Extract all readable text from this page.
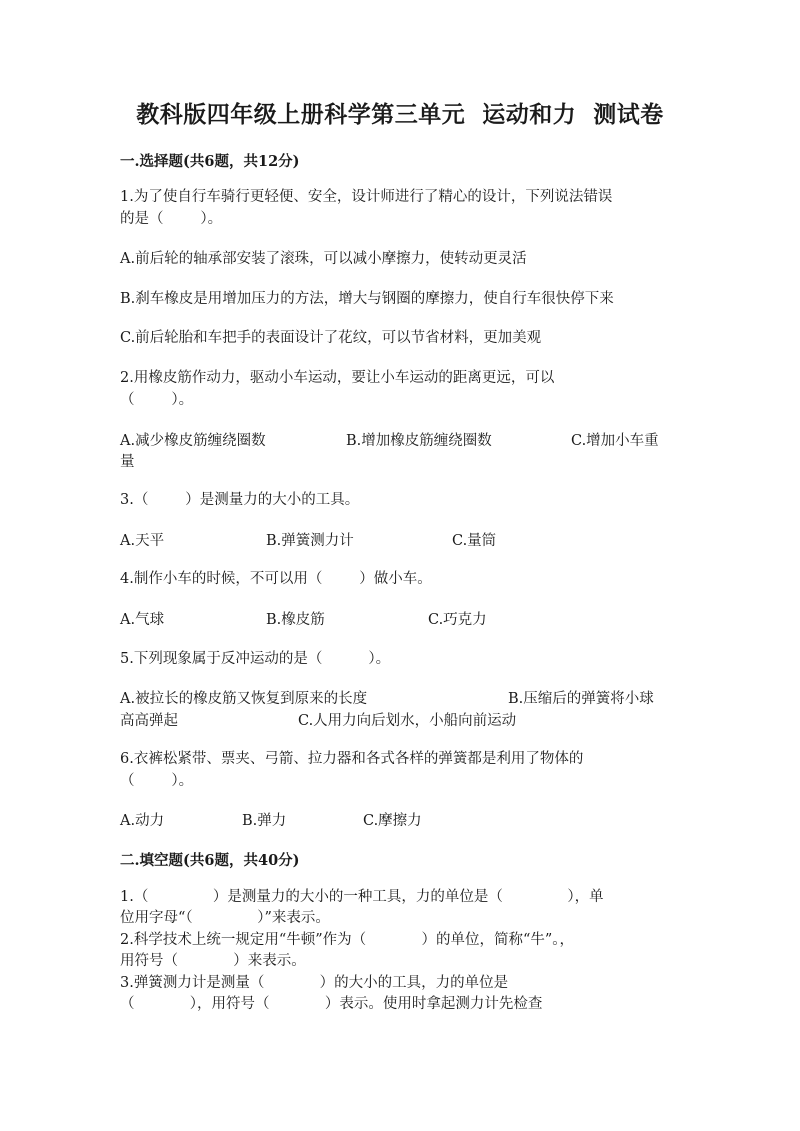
教科版四年级上册科学第三单元  运动和力  测试卷
一.选择题(共6题，共12分)
1.为了使自行车骑行更轻便、安全，设计师进行了精心的设计，下列说法错误
的是（        ）。
A.前后轮的轴承部安装了滚珠，可以减小摩擦力，使转动更灵活
B.刹车橡皮是用增加压力的方法，增大与钢圈的摩擦力，使自行车很快停下来
C.前后轮胎和车把手的表面设计了花纹，可以节省材料，更加美观
2.用橡皮筋作动力，驱动小车运动，要让小车运动的距离更远，可以
（        ）。
A.减少橡皮筋缠绕圈数	B.增加橡皮筋缠绕圈数	C.增加小车重
量
3.（        ）是测量力的大小的工具。
A.天平	B.弹簧测力计	C.量筒
4.制作小车的时候，不可以用（        ）做小车。
A.气球	B.橡皮筋	C.巧克力
5.下列现象属于反冲运动的是（          ）。
A.被拉长的橡皮筋又恢复到原来的长度	B.压缩后的弹簧将小球
高高弹起	C.人用力向后划水，小船向前运动
6.衣裤松紧带、票夹、弓箭、拉力器和各式各样的弹簧都是利用了物体的
（        ）。
A.动力	B.弹力	C.摩擦力
二.填空题(共6题，共40分)
1.（              ）是测量力的大小的一种工具，力的单位是（              ），单
位用字母“（              ）”来表示。
2.科学技术上统一规定用“牛顿”作为（            ）的单位，简称“牛”。，
用符号（            ）来表示。
3.弹簧测力计是测量（            ）的大小的工具，力的单位是
（            ），用符号（            ）表示。使用时拿起测力计先检查
